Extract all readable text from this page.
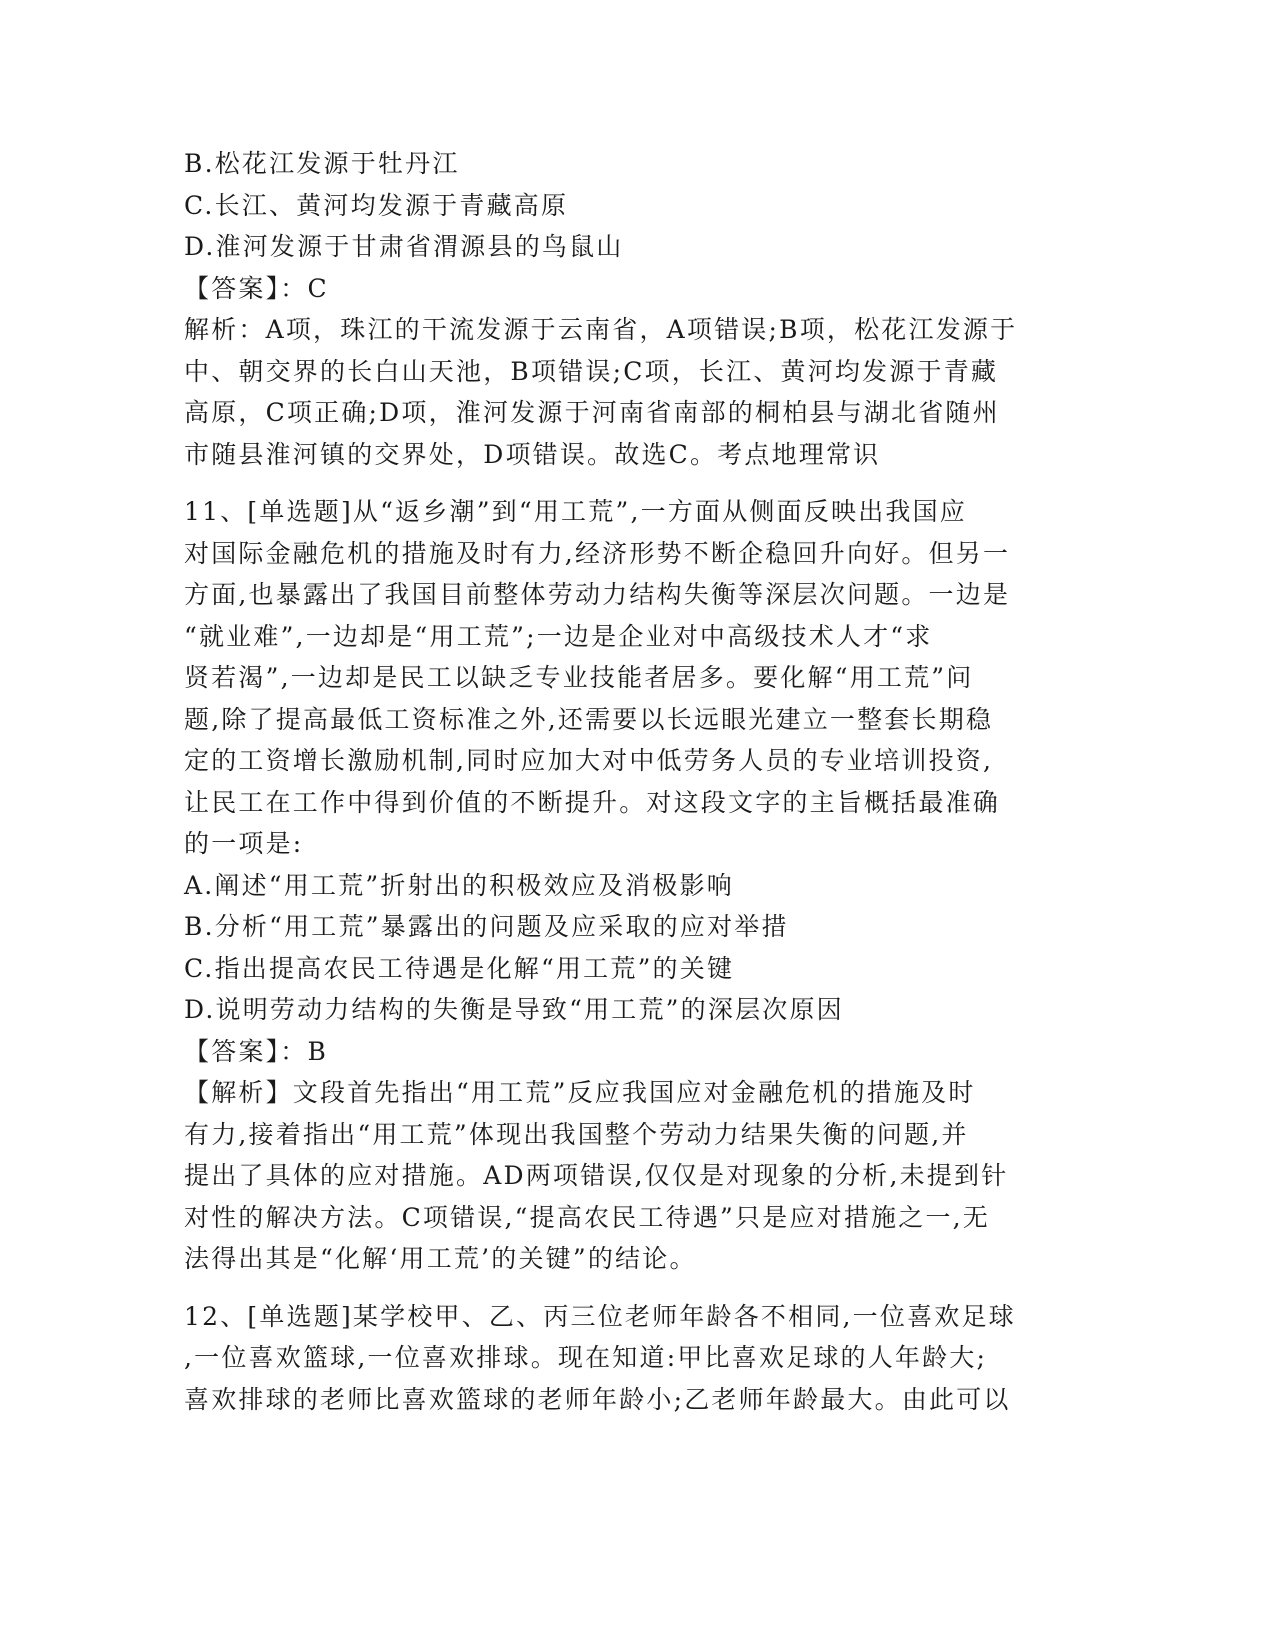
B.松花江发源于牡丹江
C.长江、黄河均发源于青藏高原
D.淮河发源于甘肃省渭源县的鸟鼠山
【答案】：C
解析：A项，珠江的干流发源于云南省，A项错误;B项，松花江发源于
中、朝交界的长白山天池，B项错误;C项，长江、黄河均发源于青藏
高原，C项正确;D项，淮河发源于河南省南部的桐柏县与湖北省随州
市随县淮河镇的交界处，D项错误。故选C。考点地理常识
11、[单选题]从“返乡潮”到“用工荒”,一方面从侧面反映出我国应
对国际金融危机的措施及时有力,经济形势不断企稳回升向好。但另一
方面,也暴露出了我国目前整体劳动力结构失衡等深层次问题。一边是
“就业难”,一边却是“用工荒”;一边是企业对中高级技术人才“求
贤若渴”,一边却是民工以缺乏专业技能者居多。要化解“用工荒”问
题,除了提高最低工资标准之外,还需要以长远眼光建立一整套长期稳
定的工资增长激励机制,同时应加大对中低劳务人员的专业培训投资,
让民工在工作中得到价值的不断提升。对这段文字的主旨概括最准确
的一项是:
A.阐述“用工荒”折射出的积极效应及消极影响
B.分析“用工荒”暴露出的问题及应采取的应对举措
C.指出提高农民工待遇是化解“用工荒”的关键
D.说明劳动力结构的失衡是导致“用工荒”的深层次原因
【答案】：B
【解析】文段首先指出“用工荒”反应我国应对金融危机的措施及时
有力,接着指出“用工荒”体现出我国整个劳动力结果失衡的问题,并
提出了具体的应对措施。AD两项错误,仅仅是对现象的分析,未提到针
对性的解决方法。C项错误,“提高农民工待遇”只是应对措施之一,无
法得出其是“化解‘用工荒’的关键”的结论。
12、[单选题]某学校甲、乙、丙三位老师年龄各不相同,一位喜欢足球
,一位喜欢篮球,一位喜欢排球。现在知道:甲比喜欢足球的人年龄大;
喜欢排球的老师比喜欢篮球的老师年龄小;乙老师年龄最大。由此可以
